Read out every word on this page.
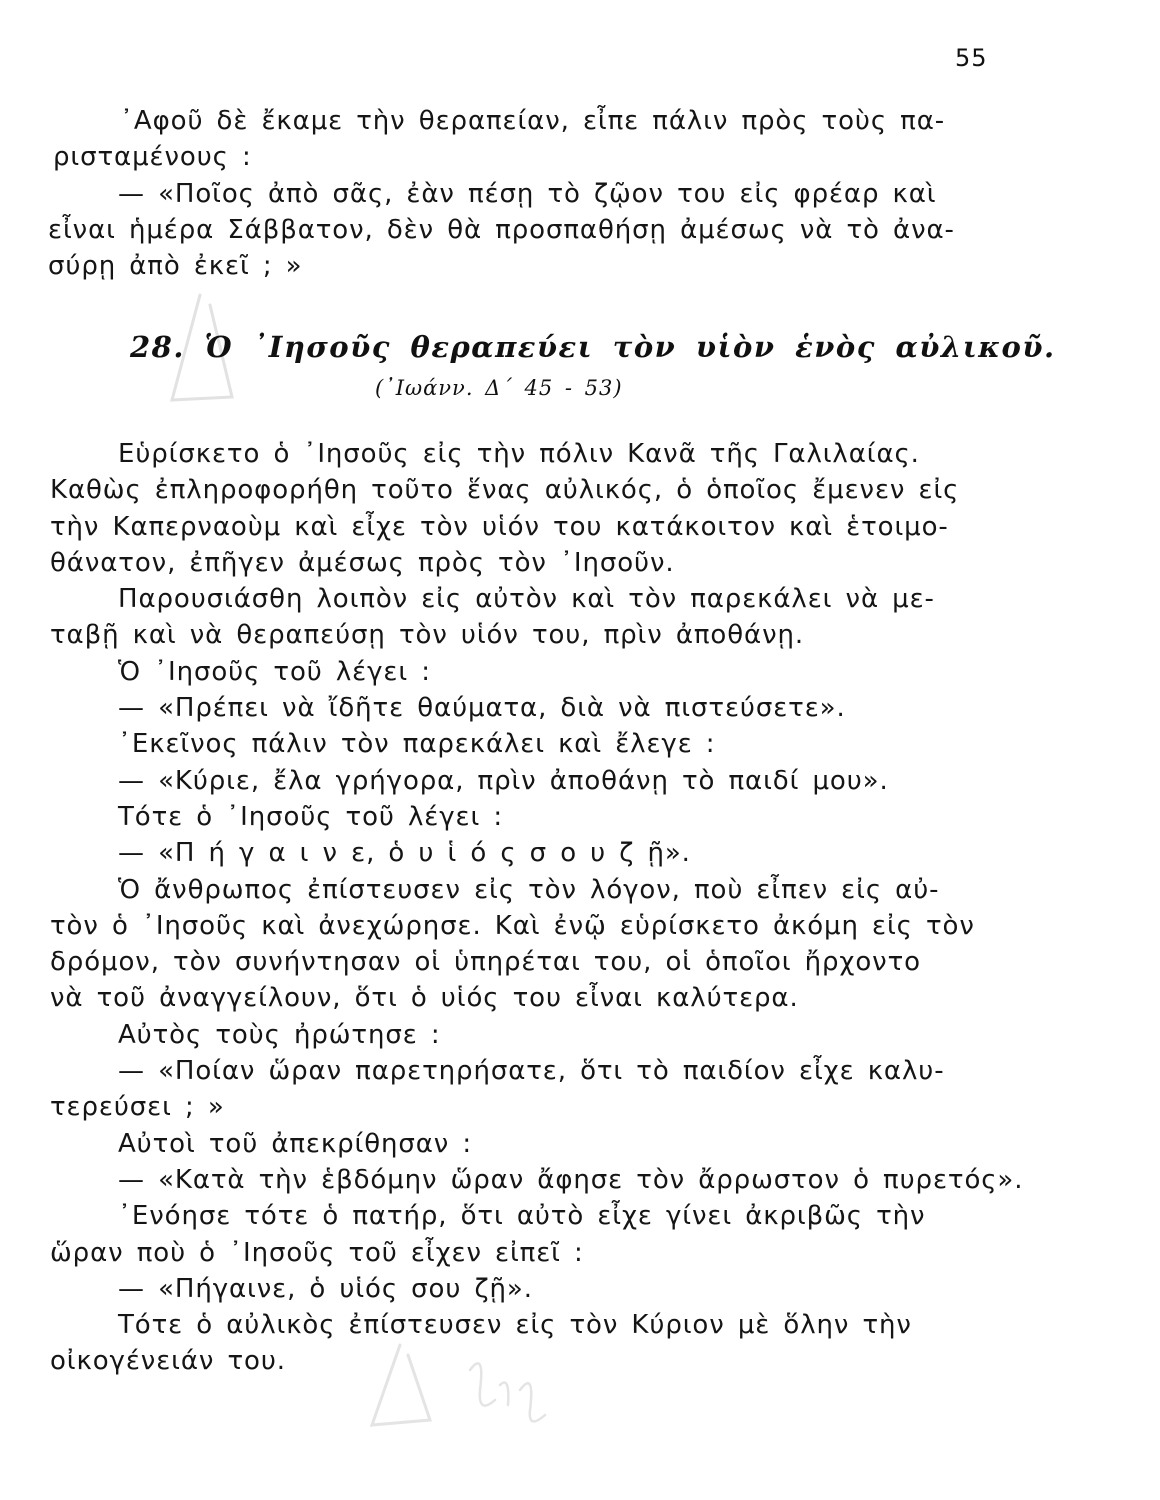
55
᾽Αφοῦ δὲ ἔκαμε τὴν θεραπείαν, εἶπε πάλιν πρὸς τοὺς πα-
ρισταμένους :
— «Ποῖος ἀπὸ σᾶς, ἐὰν πέσῃ τὸ ζῷον του εἰς φρέαρ καὶ
εἶναι ἡμέρα Σάββατον, δὲν θὰ προσπαθήσῃ ἀμέσως νὰ τὸ ἀνα-
σύρῃ ἀπὸ ἐκεῖ ; »
28. Ὁ ᾿Ιησοῦς θεραπεύει τὸν υἱὸν ἑνὸς αὐλικοῦ.
(᾿Ιωάνν. Δ΄ 45 - 53)
Εὑρίσκετο ὁ ᾿Ιησοῦς εἰς τὴν πόλιν Κανᾶ τῆς Γαλιλαίας.
Καθὼς ἐπληροφορήθη τοῦτο ἕνας αὐλικός, ὁ ὁποῖος ἔμενεν εἰς
τὴν Καπερναοὺμ καὶ εἶχε τὸν υἱόν του κατάκοιτον καὶ ἑτοιμο-
θάνατον, ἐπῆγεν ἀμέσως πρὸς τὸν ᾿Ιησοῦν.
Παρουσιάσθη λοιπὸν εἰς αὐτὸν καὶ τὸν παρεκάλει νὰ με-
ταβῇ καὶ νὰ θεραπεύσῃ τὸν υἱόν του, πρὶν ἀποθάνῃ.
Ὁ ᾿Ιησοῦς τοῦ λέγει :
— «Πρέπει νὰ ἴδῆτε θαύματα, διὰ νὰ πιστεύσετε».
᾽Εκεῖνος πάλιν τὸν παρεκάλει καὶ ἔλεγε :
— «Κύριε, ἔλα γρήγορα, πρὶν ἀποθάνῃ τὸ παιδί μου».
Τότε ὁ ᾿Ιησοῦς τοῦ λέγει :
— «Π ή γ α ι ν ε, ὁ υ ἱ ό ς σ ο υ ζ ῇ».
Ὁ ἄνθρωπος ἐπίστευσεν εἰς τὸν λόγον, ποὺ εἶπεν εἰς αὐ-
τὸν ὁ ᾿Ιησοῦς καὶ ἀνεχώρησε. Καὶ ἐνῷ εὑρίσκετο ἀκόμη εἰς τὸν
δρόμον, τὸν συνήντησαν οἱ ὑπηρέται του, οἱ ὁποῖοι ἤρχοντο
νὰ τοῦ ἀναγγείλουν, ὅτι ὁ υἱός του εἶναι καλύτερα.
Αὐτὸς τοὺς ἠρώτησε :
— «Ποίαν ὥραν παρετηρήσατε, ὅτι τὸ παιδίον εἶχε καλυ-
τερεύσει ; »
Αὐτοὶ τοῦ ἀπεκρίθησαν :
— «Κατὰ τὴν ἑβδόμην ὥραν ἄφησε τὸν ἄρρωστον ὁ πυρετός».
᾽Ενόησε τότε ὁ πατήρ, ὅτι αὐτὸ εἶχε γίνει ἀκριβῶς τὴν
ὥραν ποὺ ὁ ᾿Ιησοῦς τοῦ εἶχεν εἰπεῖ :
— «Πήγαινε, ὁ υἱός σου ζῇ».
Τότε ὁ αὐλικὸς ἐπίστευσεν εἰς τὸν Κύριον μὲ ὅλην τὴν
οἰκογένειάν του.
